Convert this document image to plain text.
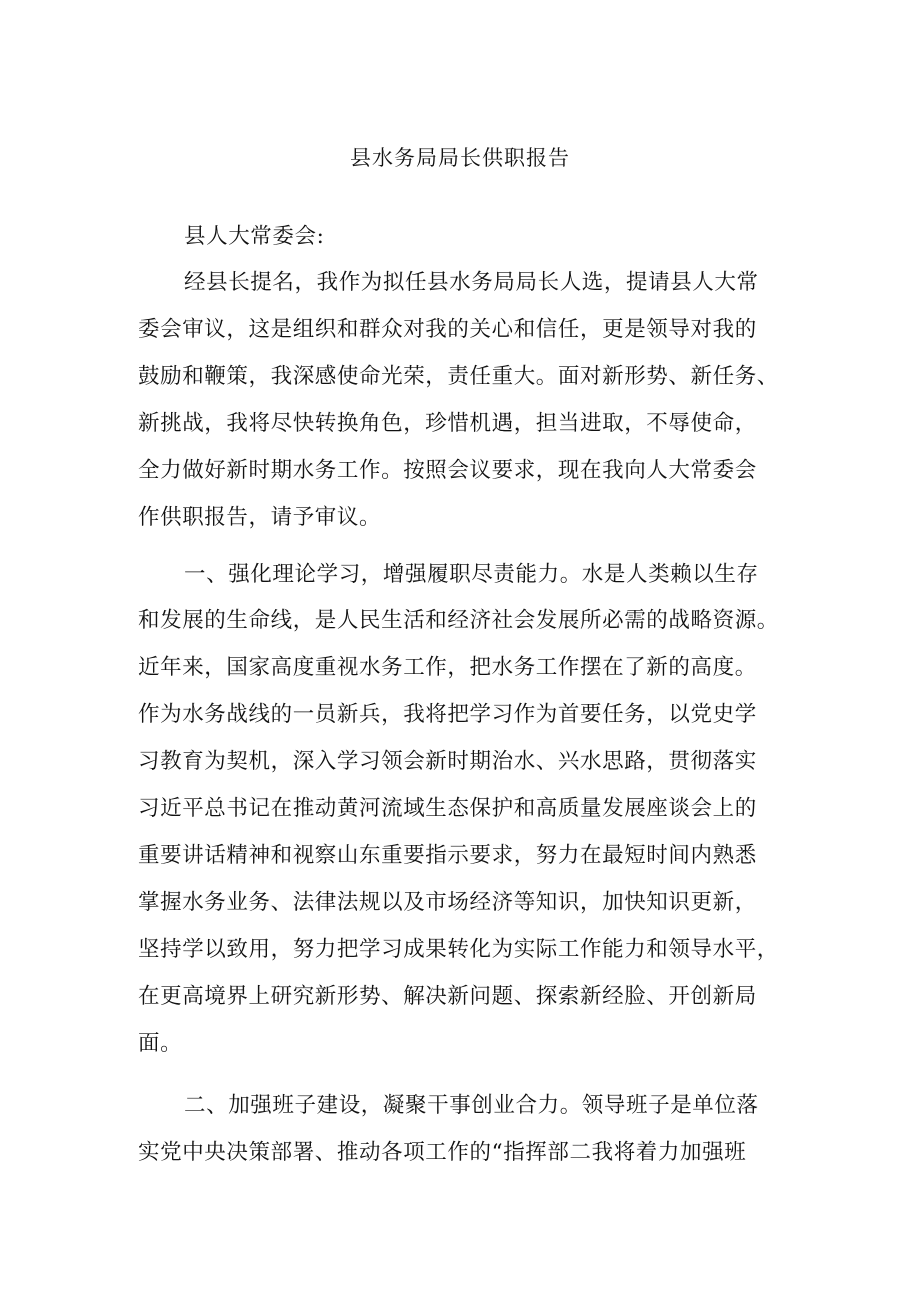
县水务局局长供职报告
县人大常委会:
经县长提名，我作为拟任县水务局局长人选，提请县人大常
委会审议，这是组织和群众对我的关心和信任，更是领导对我的
鼓励和鞭策，我深感使命光荣，责任重大。面对新形势、新任务、
新挑战，我将尽快转换角色，珍惜机遇，担当进取，不辱使命，
全力做好新时期水务工作。按照会议要求，现在我向人大常委会
作供职报告，请予审议。
一、强化理论学习，增强履职尽责能力。水是人类赖以生存
和发展的生命线，是人民生活和经济社会发展所必需的战略资源。
近年来，国家高度重视水务工作，把水务工作摆在了新的高度。
作为水务战线的一员新兵，我将把学习作为首要任务，以党史学
习教育为契机，深入学习领会新时期治水、兴水思路，贯彻落实
习近平总书记在推动黄河流域生态保护和高质量发展座谈会上的
重要讲话精神和视察山东重要指示要求，努力在最短时间内熟悉
掌握水务业务、法律法规以及市场经济等知识，加快知识更新，
坚持学以致用，努力把学习成果转化为实际工作能力和领导水平，
在更高境界上研究新形势、解决新问题、探索新经脸、开创新局
面。
二、加强班子建设，凝聚干事创业合力。领导班子是单位落
实党中央决策部署、推动各项工作的“指挥部二我将着力加强班
